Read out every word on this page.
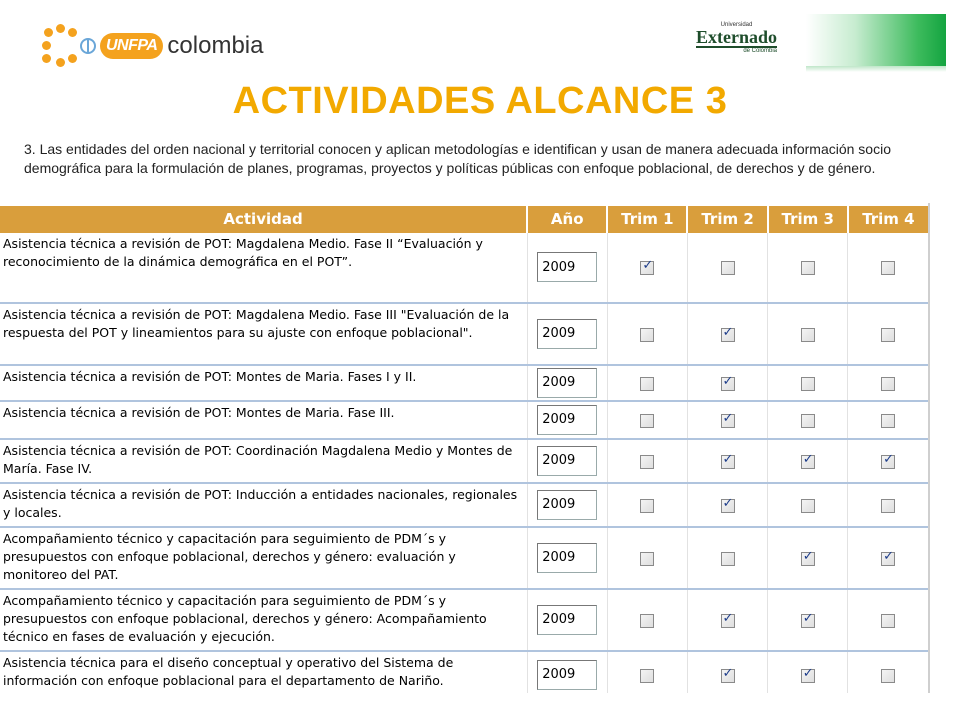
UNFPA colombia
Universidad
Externado
de Colombia
ACTIVIDADES ALCANCE 3

3. Las entidades del orden nacional y territorial conocen y aplican metodologías e identifican y usan de manera adecuada información socio demográfica para la formulación de planes, programas, proyectos y políticas públicas con enfoque poblacional, de derechos y de género.

Actividad	Año	Trim 1	Trim 2	Trim 3	Trim 4
Asistencia técnica a revisión de POT: Magdalena Medio. Fase II “Evaluación y reconocimiento de la dinámica demográfica en el POT”.	2009	✓			
Asistencia técnica a revisión de POT: Magdalena Medio. Fase III "Evaluación de la respuesta del POT y lineamientos para su ajuste con enfoque poblacional".	2009		✓		
Asistencia técnica a revisión de POT: Montes de Maria. Fases I y II.	2009		✓		
Asistencia técnica a revisión de POT: Montes de Maria. Fase III.	2009		✓		
Asistencia técnica a revisión de POT: Coordinación Magdalena Medio y Montes de María. Fase IV.	2009		✓	✓	✓
Asistencia técnica a revisión de POT: Inducción a entidades nacionales, regionales y locales.	2009		✓		
Acompañamiento técnico y capacitación para seguimiento de PDM´s y presupuestos con enfoque poblacional, derechos y género: evaluación y monitoreo del PAT.	2009			✓	✓
Acompañamiento técnico y capacitación para seguimiento de PDM´s y presupuestos con enfoque poblacional, derechos y género: Acompañamiento técnico en fases de evaluación y ejecución.	2009		✓	✓	
Asistencia técnica para el diseño conceptual y operativo del Sistema de información con enfoque poblacional para el departamento de Nariño.	2009		✓	✓	
